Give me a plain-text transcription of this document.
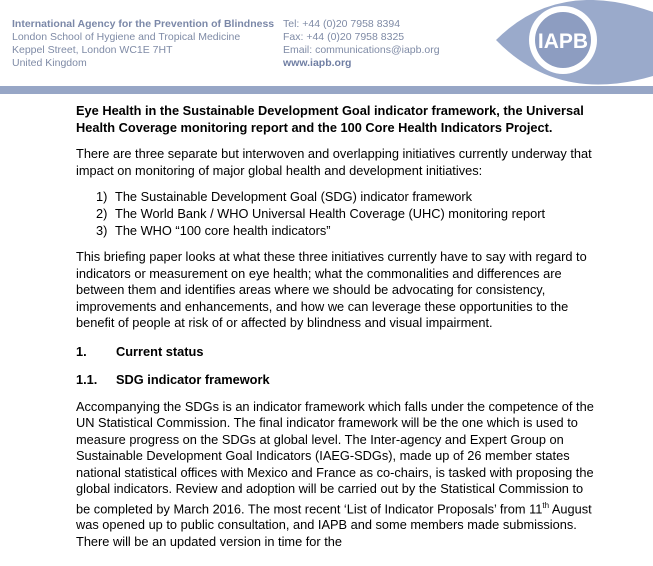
International Agency for the Prevention of Blindness
London School of Hygiene and Tropical Medicine
Keppel Street, London WC1E 7HT
United Kingdom
Tel: +44 (0)20 7958 8394
Fax: +44 (0)20 7958 8325
Email: communications@iapb.org
www.iapb.org
IAPB

Eye Health in the Sustainable Development Goal indicator framework, the Universal Health Coverage monitoring report and the 100 Core Health Indicators Project.

There are three separate but interwoven and overlapping initiatives currently underway that impact on monitoring of major global health and development initiatives:

1) The Sustainable Development Goal (SDG) indicator framework
2) The World Bank / WHO Universal Health Coverage (UHC) monitoring report
3) The WHO “100 core health indicators”

This briefing paper looks at what these three initiatives currently have to say with regard to indicators or measurement on eye health; what the commonalities and differences are between them and identifies areas where we should be advocating for consistency, improvements and enhancements, and how we can leverage these opportunities to the benefit of people at risk of or affected by blindness and visual impairment.

1.	Current status
1.1.	SDG indicator framework

Accompanying the SDGs is an indicator framework which falls under the competence of the UN Statistical Commission. The final indicator framework will be the one which is used to measure progress on the SDGs at global level. The Inter-agency and Expert Group on Sustainable Development Goal Indicators (IAEG-SDGs), made up of 26 member states national statistical offices with Mexico and France as co-chairs, is tasked with proposing the global indicators. Review and adoption will be carried out by the Statistical Commission to be completed by March 2016. The most recent ‘List of Indicator Proposals’ from 11th August was opened up to public consultation, and IAPB and some members made submissions. There will be an updated version in time for the
